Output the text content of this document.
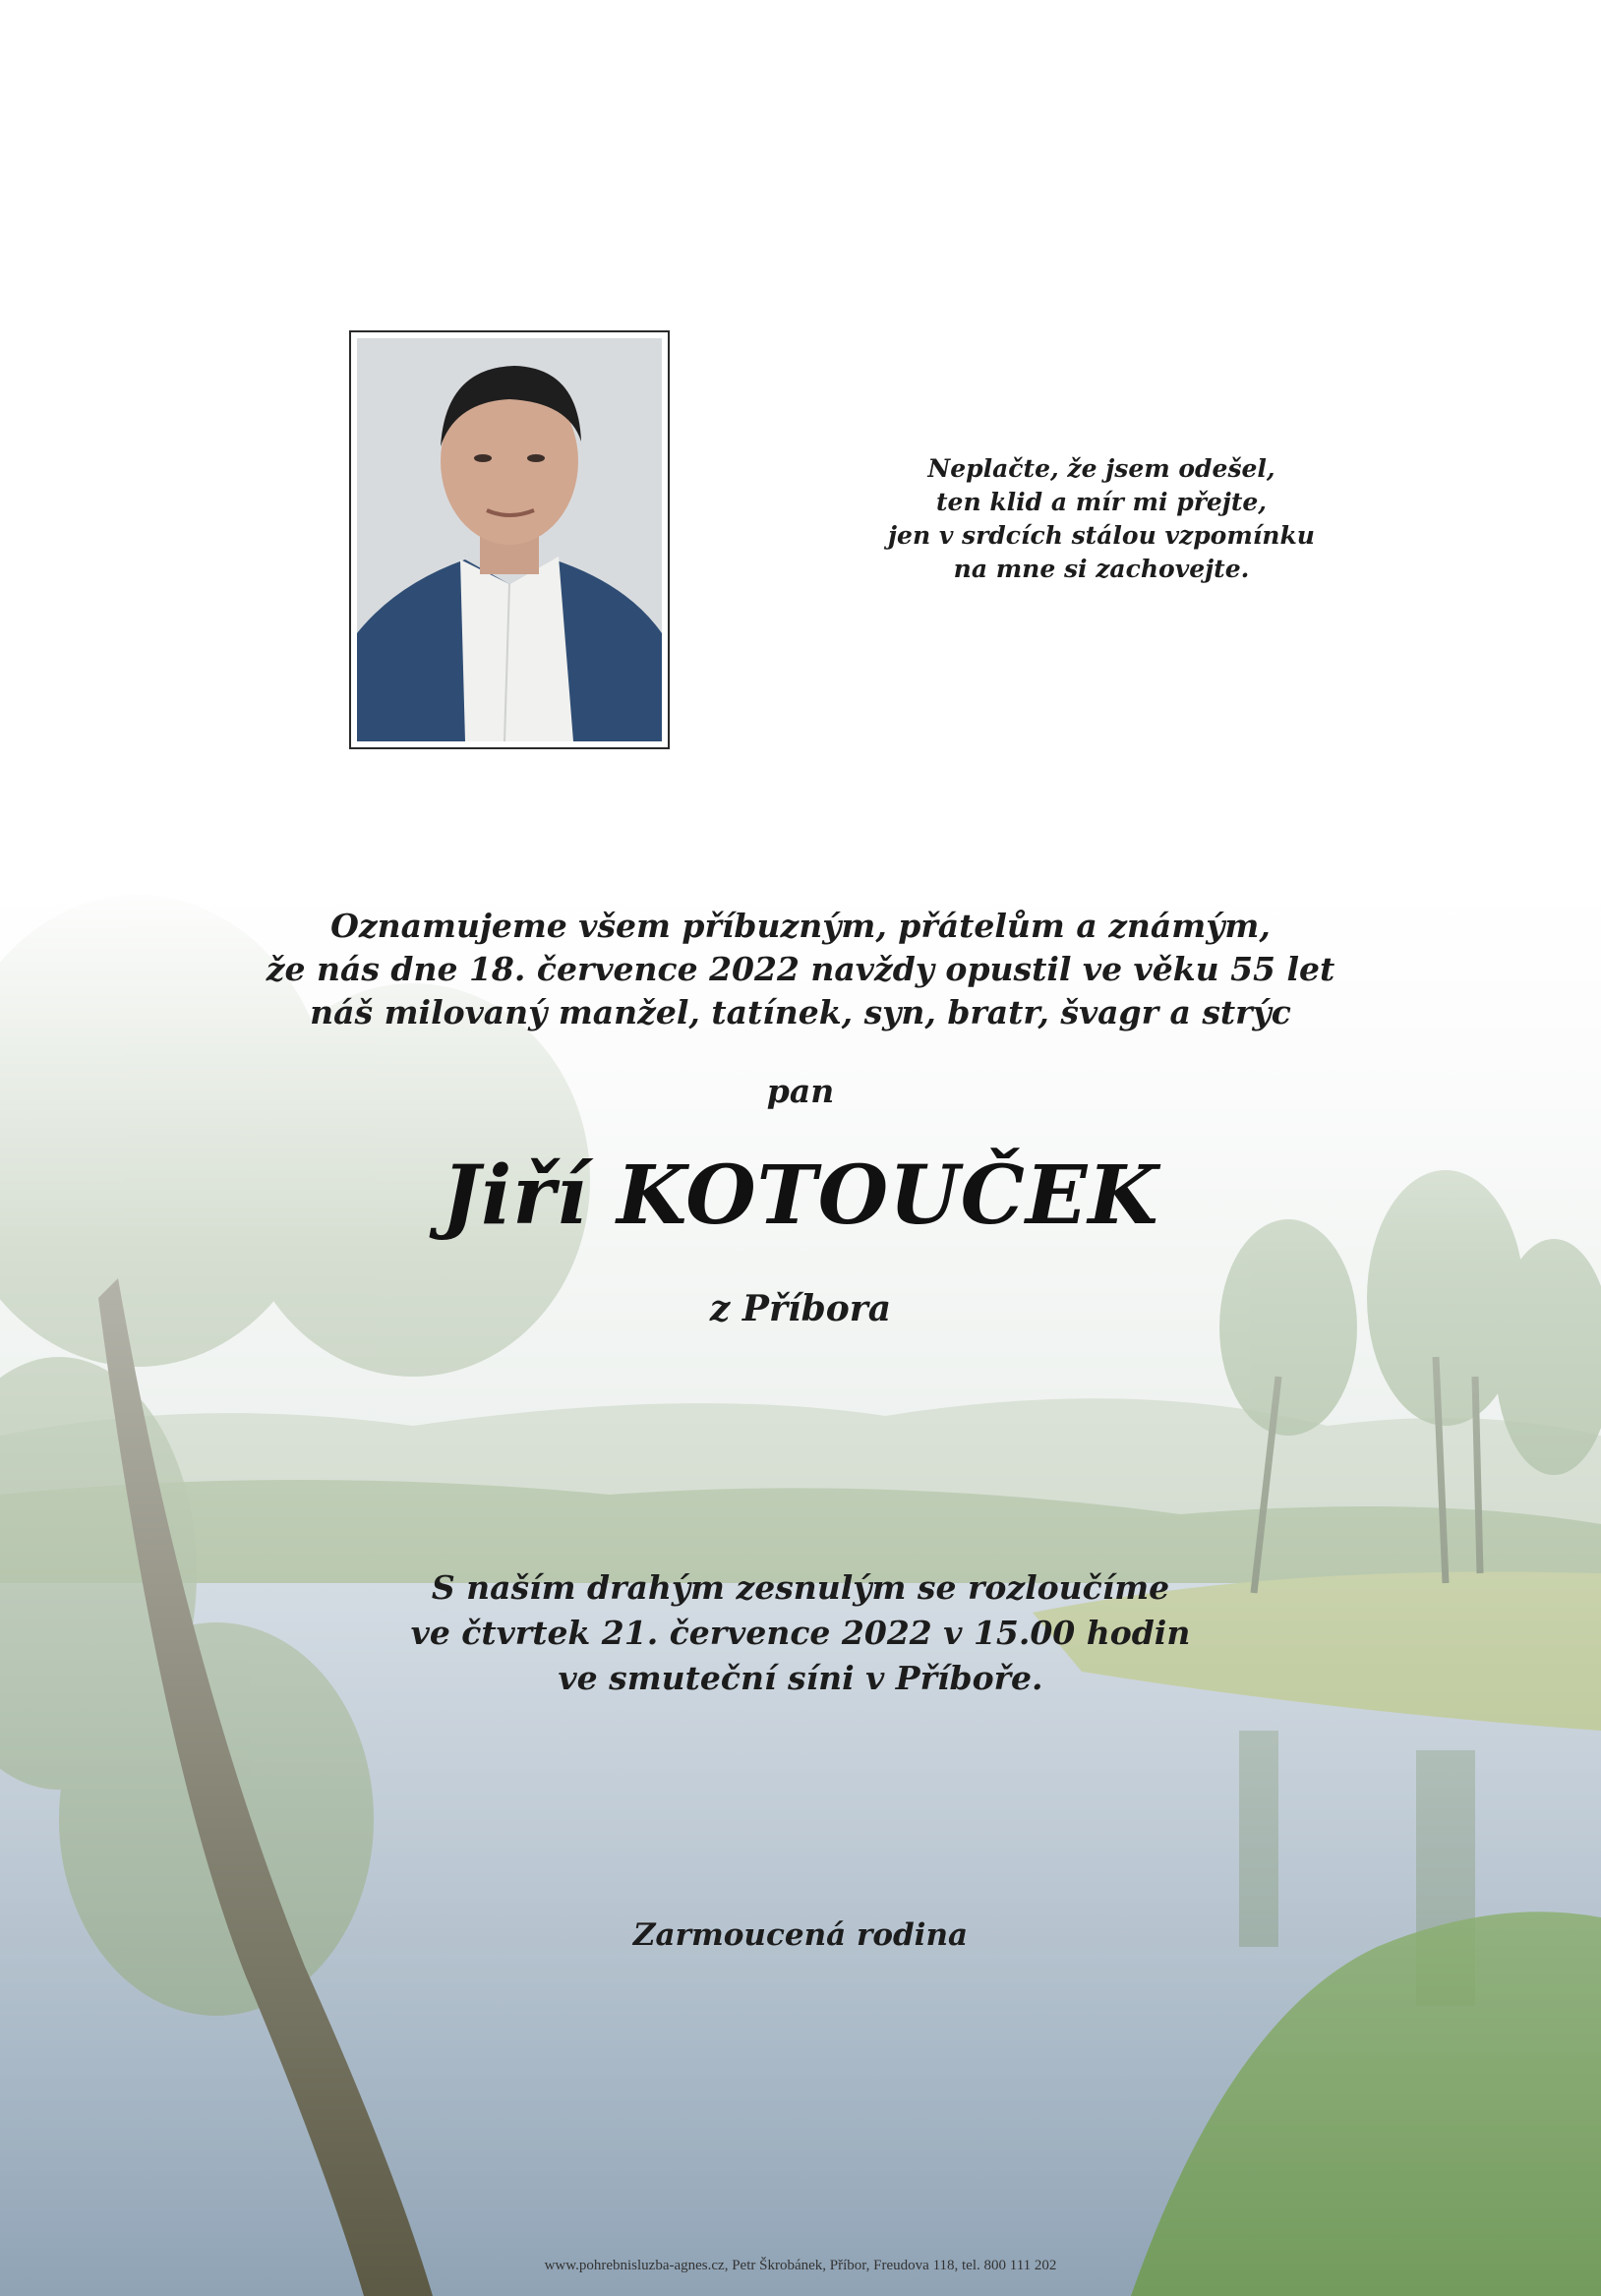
Neplačte, že jsem odešel,
ten klid a mír mi přejte,
jen v srdcích stálou vzpomínku
na mne si zachovejte.
Oznamujeme všem příbuzným, přátelům a známým,
že nás dne 18. července 2022 navždy opustil ve věku 55 let
náš milovaný manžel, tatínek, syn, bratr, švagr a strýc
pan
Jiří KOTOUČEK
z Příbora
S naším drahým zesnulým se rozloučíme
ve čtvrtek 21. července 2022 v 15.00 hodin
ve smuteční síni v Příboře.
Zarmoucená rodina
www.pohrebnisluzba-agnes.cz, Petr Škrobánek, Příbor, Freudova 118, tel. 800 111 202
